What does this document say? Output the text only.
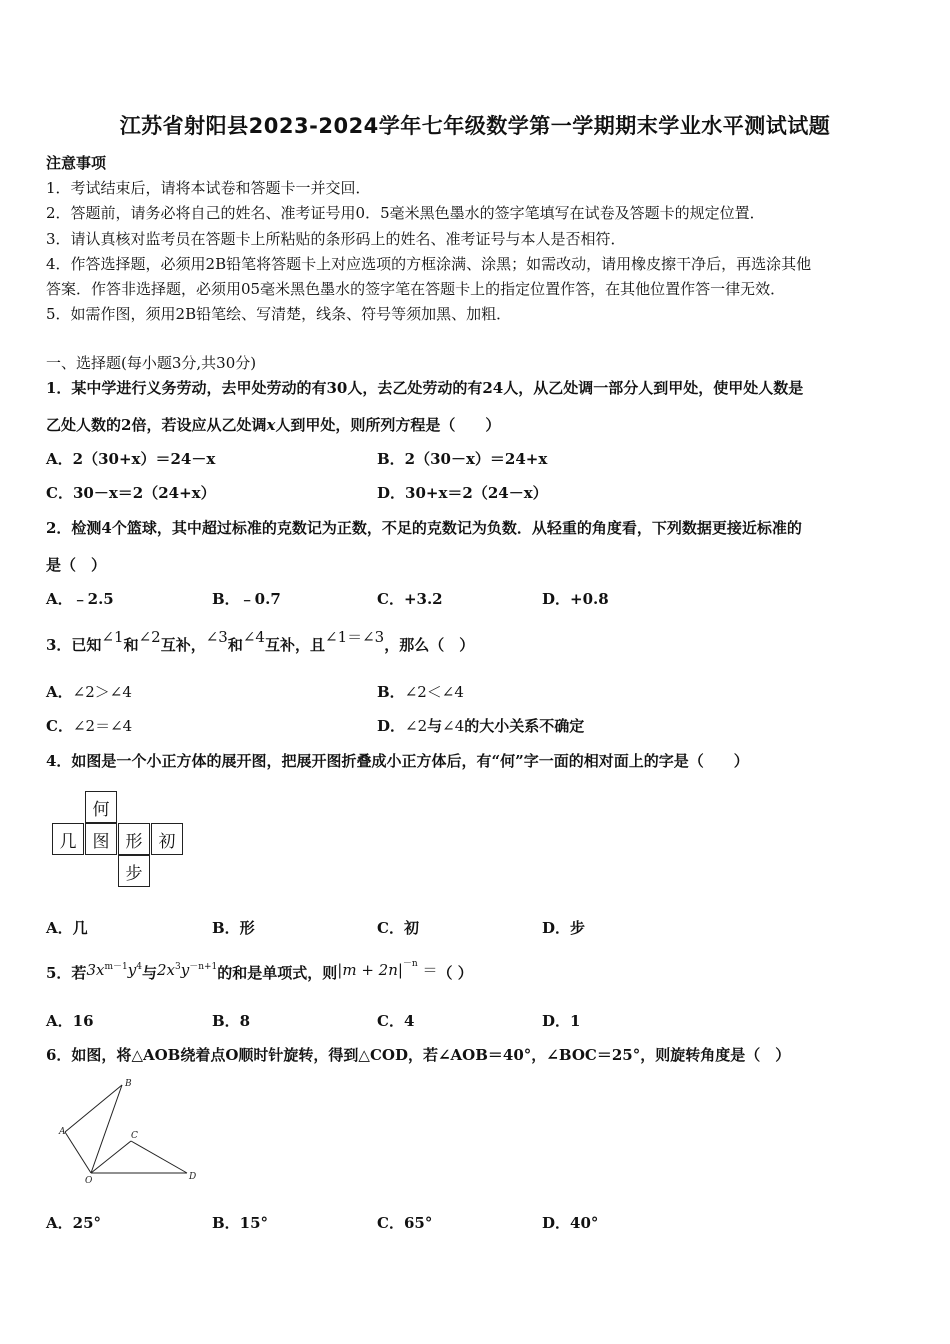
江苏省射阳县2023-2024学年七年级数学第一学期期末学业水平测试试题
注意事项
1．考试结束后，请将本试卷和答题卡一并交回．
2．答题前，请务必将自己的姓名、准考证号用0．5毫米黑色墨水的签字笔填写在试卷及答题卡的规定位置．
3．请认真核对监考员在答题卡上所粘贴的条形码上的姓名、准考证号与本人是否相符．
4．作答选择题，必须用2B铅笔将答题卡上对应选项的方框涂满、涂黑；如需改动，请用橡皮擦干净后，再选涂其他
答案．作答非选择题，必须用05毫米黑色墨水的签字笔在答题卡上的指定位置作答，在其他位置作答一律无效．
5．如需作图，须用2B铅笔绘、写清楚，线条、符号等须加黑、加粗．
一、选择题(每小题3分,共30分)
1．某中学进行义务劳动，去甲处劳动的有30人，去乙处劳动的有24人，从乙处调一部分人到甲处，使甲处人数是
乙处人数的2倍，若设应从乙处调x人到甲处，则所列方程是（　　）
A．2（30+x）＝24－x	B．2（30－x）＝24+x
C．30－x＝2（24+x）	D．30+x＝2（24－x）
2．检测4个篮球，其中超过标准的克数记为正数，不足的克数记为负数．从轻重的角度看，下列数据更接近标准的
是（　）
A．﹣2.5	B．﹣0.7	C．+3.2	D．+0.8
3．已知∠1和∠2互补，∠3和∠4互补，且∠1＝∠3，那么（　）
A．∠2＞∠4	B．∠2＜∠4
C．∠2＝∠4	D．∠2与∠4的大小关系不确定
4．如图是一个小正方体的展开图，把展开图折叠成小正方体后，有“何”字一面的相对面上的字是（　　）
何
几 图 形 初
步
A．几	B．形	C．初	D．步
5．若$3x^{m-1}y^4$与$2x^3y^{-n+1}$的和是单项式，则$|m + 2n|^{-n}$ ＝（ ）
A．16	B．8	C．4	D．1
6．如图，将△AOB绕着点O顺时针旋转，得到△COD，若∠AOB＝40°，∠BOC＝25°，则旋转角度是（　）
A
B
C
D
O
A．25°	B．15°	C．65°	D．40°
